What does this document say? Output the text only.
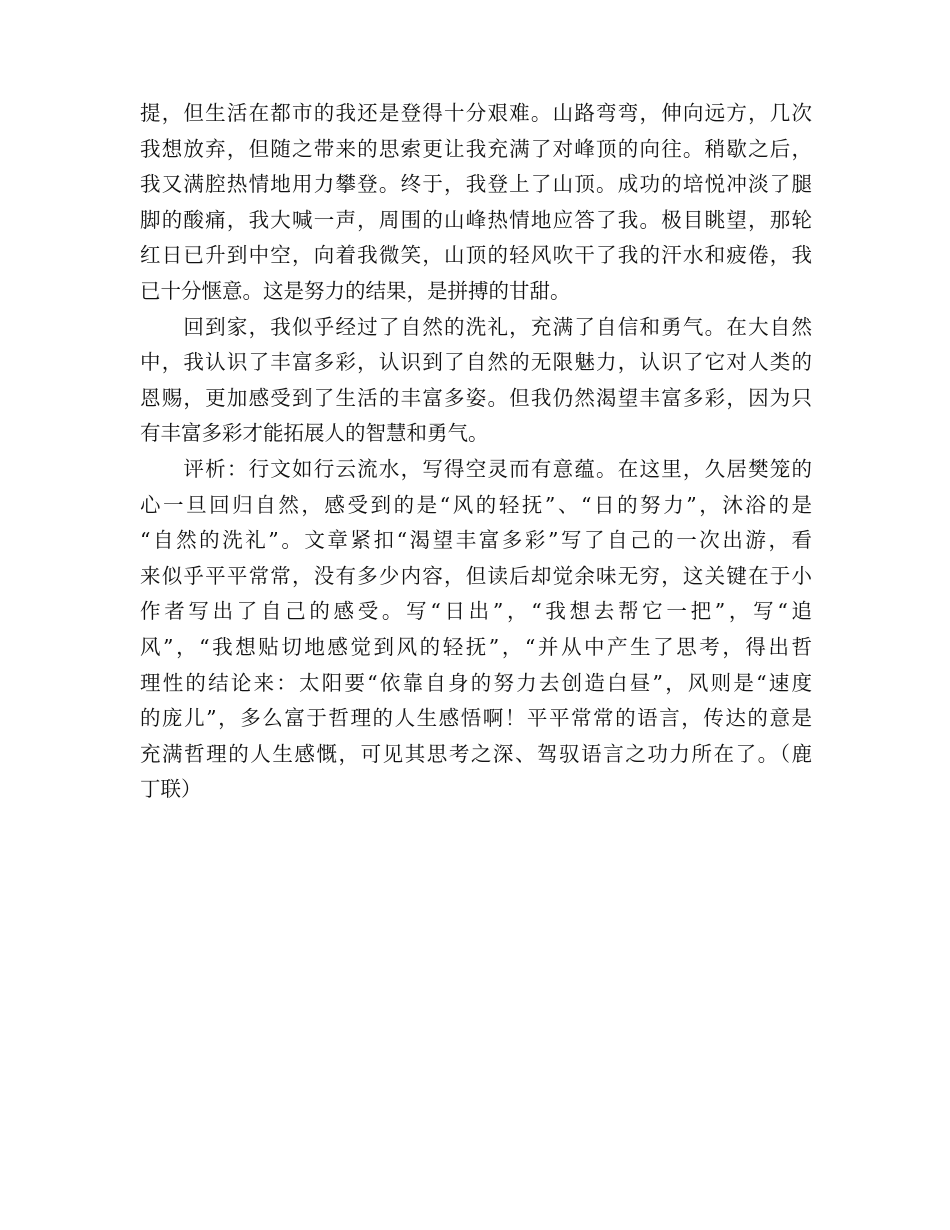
提，但生活在都市的我还是登得十分艰难。山路弯弯，伸向远方，几次
我想放弃，但随之带来的思索更让我充满了对峰顶的向往。稍歇之后，
我又满腔热情地用力攀登。终于，我登上了山顶。成功的培悦冲淡了腿
脚的酸痛，我大喊一声，周围的山峰热情地应答了我。极目眺望，那轮
红日已升到中空，向着我微笑，山顶的轻风吹干了我的汗水和疲倦，我
已十分惬意。这是努力的结果，是拼搏的甘甜。
　　回到家，我似乎经过了自然的洗礼，充满了自信和勇气。在大自然
中，我认识了丰富多彩，认识到了自然的无限魅力，认识了它对人类的
恩赐，更加感受到了生活的丰富多姿。但我仍然渴望丰富多彩，因为只
有丰富多彩才能拓展人的智慧和勇气。
　　评析：行文如行云流水，写得空灵而有意蕴。在这里，久居樊笼的
心一旦回归自然，感受到的是“风的轻抚”、“日的努力”，沐浴的是
“自然的洗礼”。文章紧扣“渴望丰富多彩”写了自己的一次出游，看
来似乎平平常常，没有多少内容，但读后却觉余味无穷，这关键在于小
作者写出了自己的感受。写“日出”，“我想去帮它一把”，写“追
风”，“我想贴切地感觉到风的轻抚”，“并从中产生了思考，得出哲
理性的结论来：太阳要“依靠自身的努力去创造白昼”，风则是“速度
的庞儿”，多么富于哲理的人生感悟啊！平平常常的语言，传达的意是
充满哲理的人生感慨，可见其思考之深、驾驭语言之功力所在了。（鹿
丁联）
